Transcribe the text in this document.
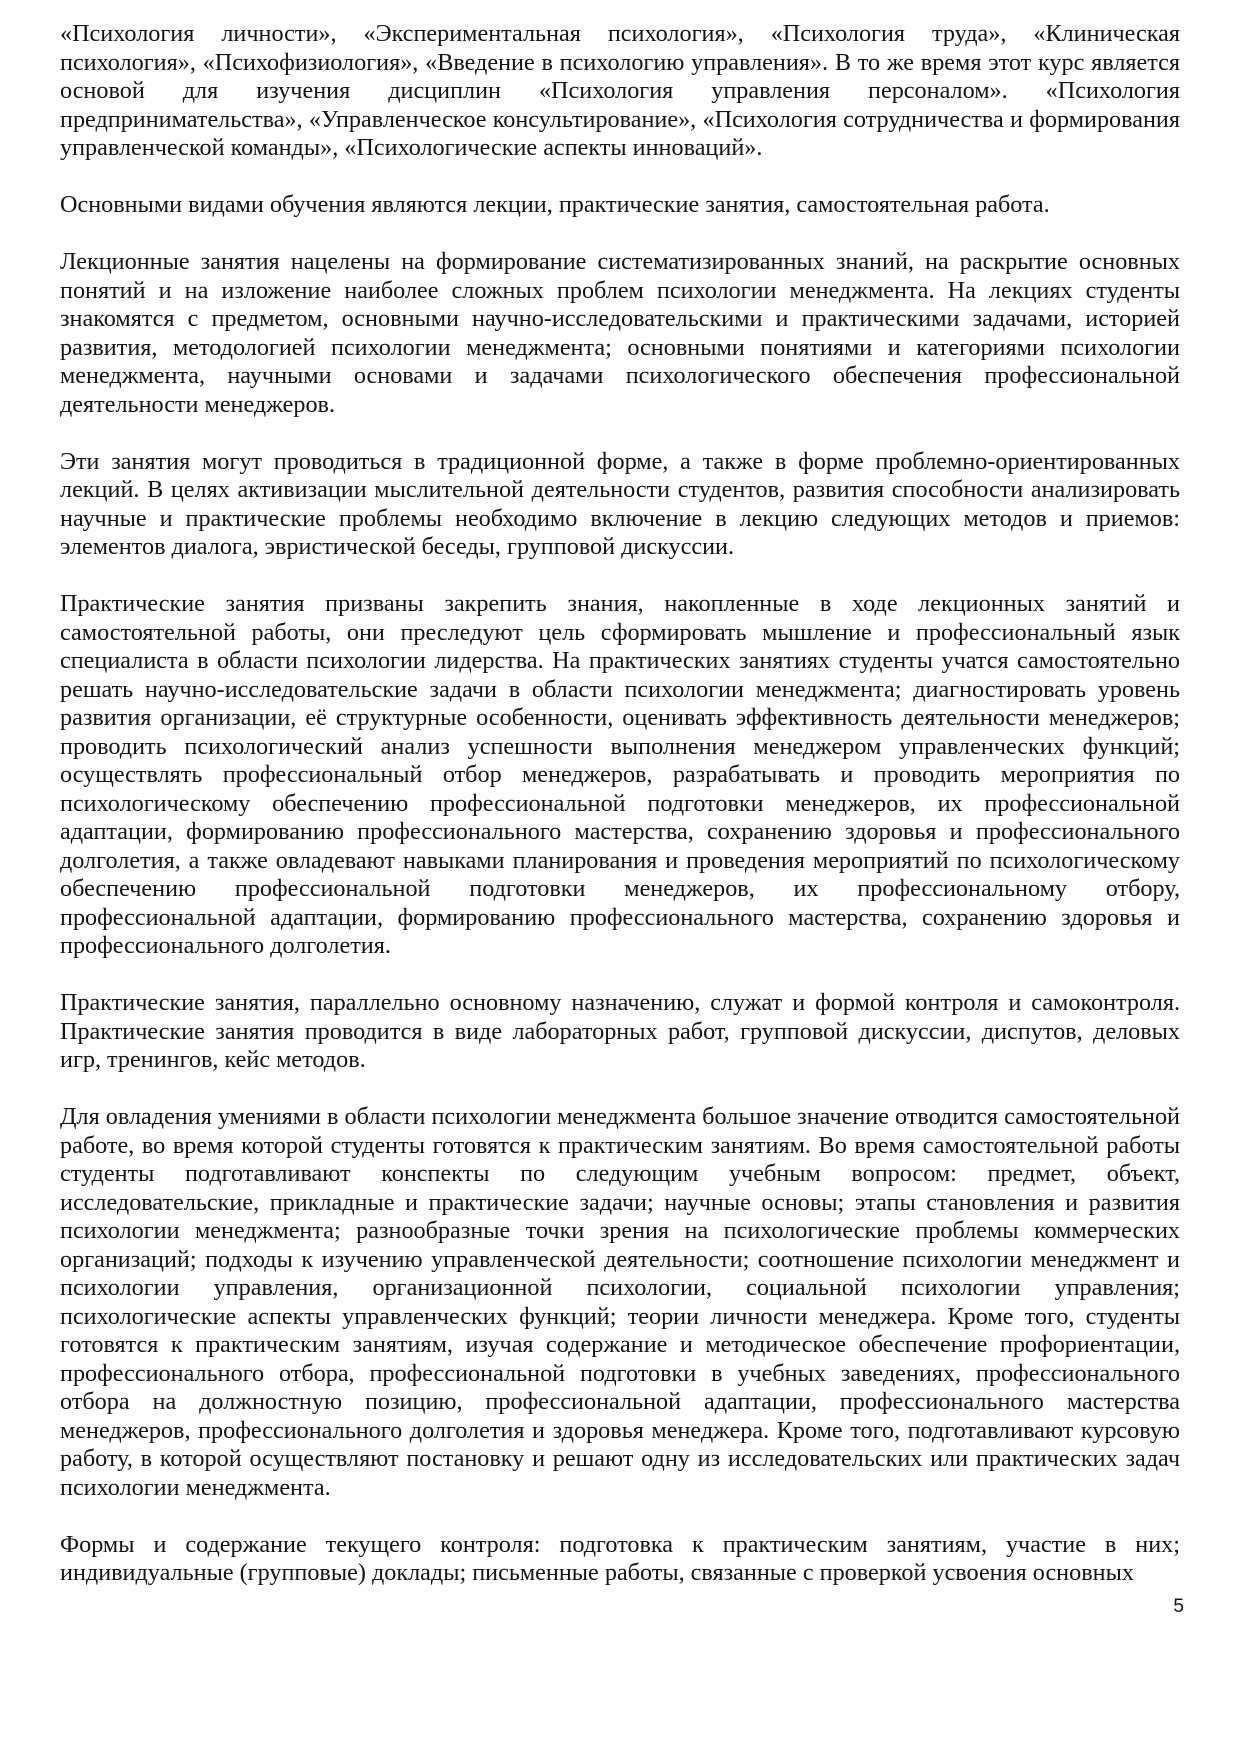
«Психология личности», «Экспериментальная психология», «Психология труда», «Клиническая психология», «Психофизиология», «Введение в психологию управления». В то же время этот курс является основой для изучения дисциплин «Психология управления персоналом». «Психология предпринимательства», «Управленческое консультирование», «Психология сотрудничества и формирования управленческой команды», «Психологические аспекты инноваций».

Основными видами обучения являются лекции, практические занятия, самостоятельная работа.

Лекционные занятия нацелены на формирование систематизированных знаний, на раскрытие основных понятий и на изложение наиболее сложных проблем психологии менеджмента. На лекциях студенты знакомятся с предметом, основными научно-исследовательскими и практическими задачами, историей развития, методологией психологии менеджмента; основными понятиями и категориями психологии менеджмента, научными основами и задачами психологического обеспечения профессиональной деятельности менеджеров.

Эти занятия могут проводиться в традиционной форме, а также в форме проблемно-ориентированных лекций. В целях активизации мыслительной деятельности студентов, развития способности анализировать научные и практические проблемы необходимо включение в лекцию следующих методов и приемов: элементов диалога, эвристической беседы, групповой дискуссии.

Практические занятия призваны закрепить знания, накопленные в ходе лекционных занятий и самостоятельной работы, они преследуют цель сформировать мышление и профессиональный язык специалиста в области психологии лидерства. На практических занятиях студенты учатся самостоятельно решать научно-исследовательские задачи в области психологии менеджмента; диагностировать уровень развития организации, её структурные особенности, оценивать эффективность деятельности менеджеров; проводить психологический анализ успешности выполнения менеджером управленческих функций; осуществлять профессиональный отбор менеджеров, разрабатывать и проводить мероприятия по психологическому обеспечению профессиональной подготовки менеджеров, их профессиональной адаптации, формированию профессионального мастерства, сохранению здоровья и профессионального долголетия, а также овладевают навыками планирования и проведения мероприятий по психологическому обеспечению профессиональной подготовки менеджеров, их профессиональному отбору, профессиональной адаптации, формированию профессионального мастерства, сохранению здоровья и профессионального долголетия.

Практические занятия, параллельно основному назначению, служат и формой контроля и самоконтроля. Практические занятия проводится в виде лабораторных работ, групповой дискуссии, диспутов, деловых игр, тренингов, кейс методов.

Для овладения умениями в области психологии менеджмента большое значение отводится самостоятельной работе, во время которой студенты готовятся к практическим занятиям. Во время самостоятельной работы студенты подготавливают конспекты по следующим учебным вопросом: предмет, объект, исследовательские, прикладные и практические задачи; научные основы; этапы становления и развития психологии менеджмента; разнообразные точки зрения на психологические проблемы коммерческих организаций; подходы к изучению управленческой деятельности; соотношение психологии менеджмент и психологии управления, организационной психологии, социальной психологии управления; психологические аспекты управленческих функций; теории личности менеджера. Кроме того, студенты готовятся к практическим занятиям, изучая содержание и методическое обеспечение профориентации, профессионального отбора, профессиональной подготовки в учебных заведениях, профессионального отбора на должностную позицию, профессиональной адаптации, профессионального мастерства менеджеров, профессионального долголетия и здоровья менеджера. Кроме того, подготавливают курсовую работу, в которой осуществляют постановку и решают одну из исследовательских или практических задач психологии менеджмента.

Формы и содержание текущего контроля: подготовка к практическим занятиям, участие в них; индивидуальные (групповые) доклады; письменные работы, связанные с проверкой усвоения основных

5
